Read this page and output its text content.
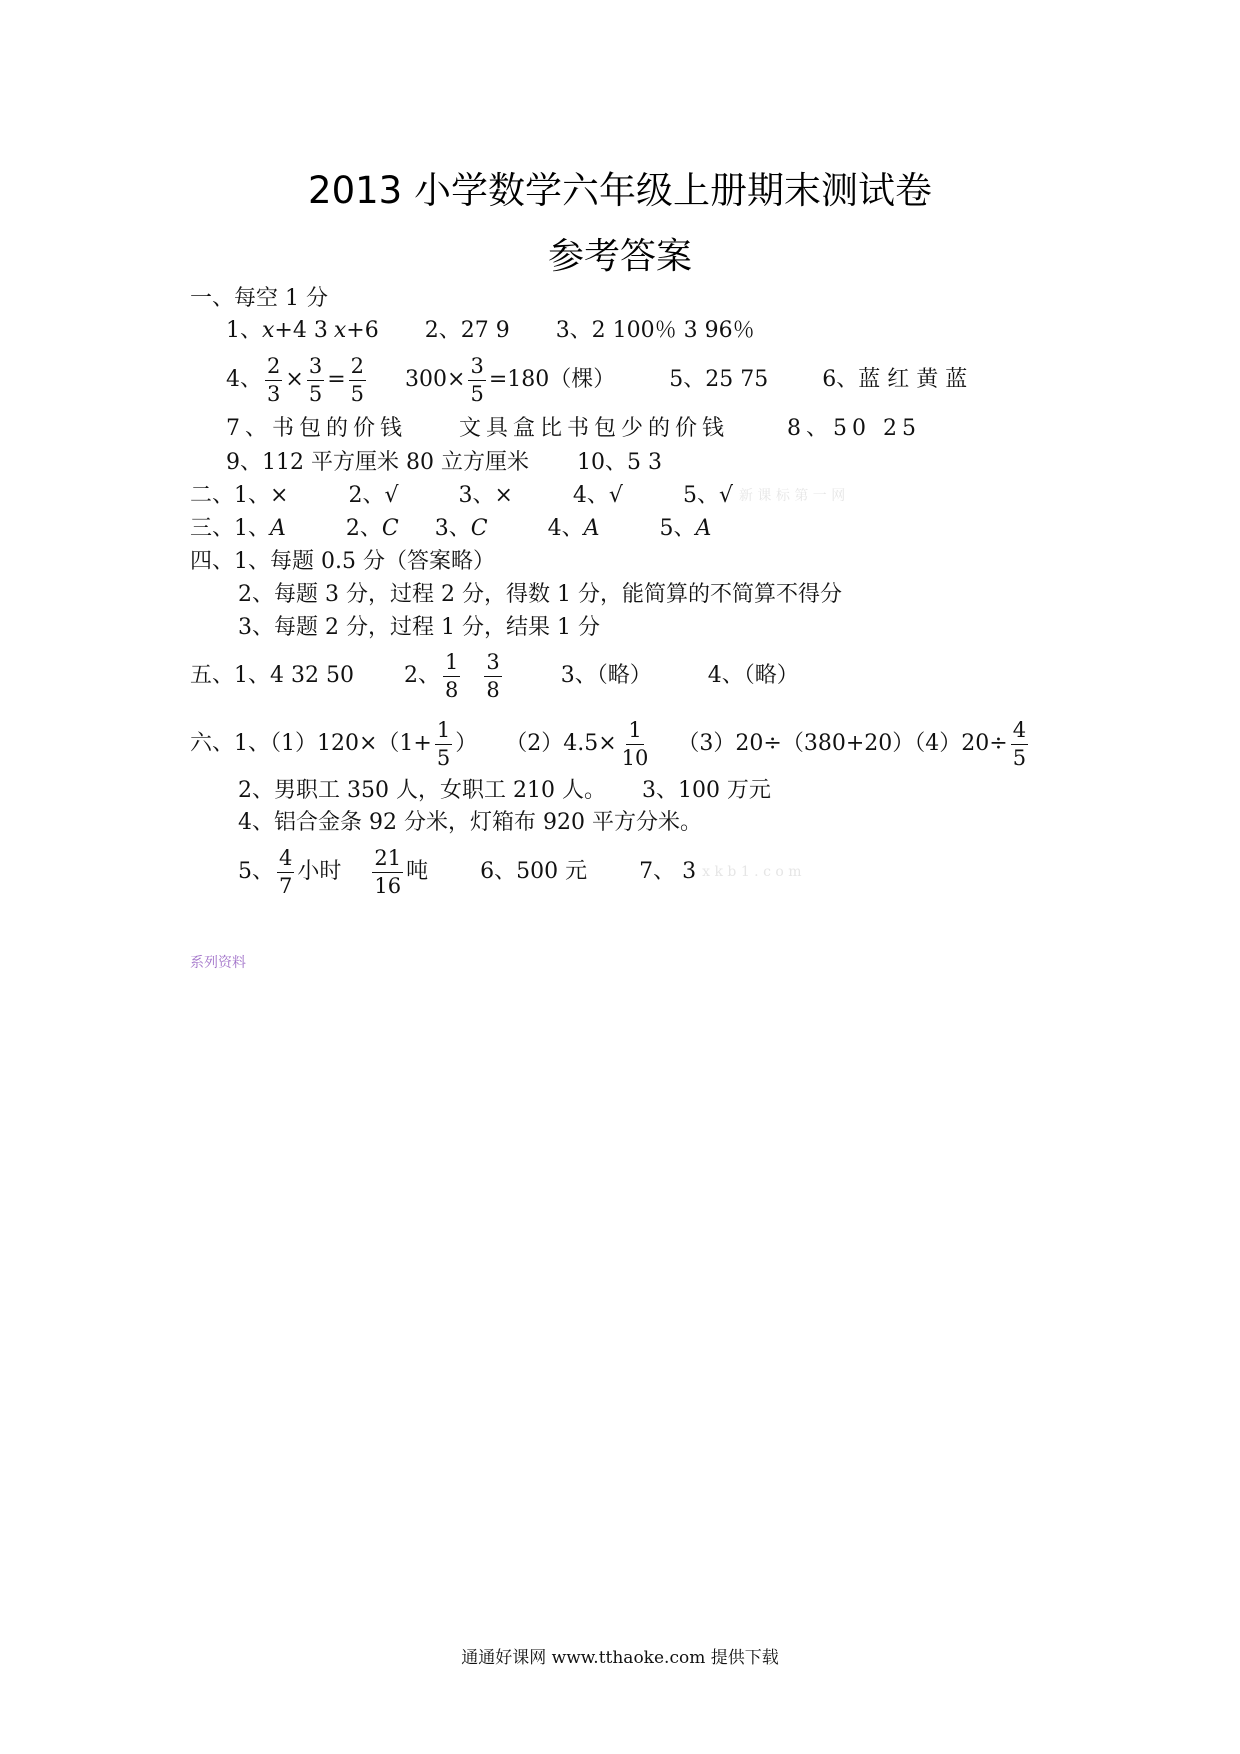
2013 小学数学六年级上册期末测试卷
参考答案
一、每空 1 分
1、 x +4 3 x +6 2、27 9 3、2 100％ 3 96％
4、 $\frac{2}{3} \times \frac{3}{5} = \frac{2}{5} 300\times \frac{3}{5} =180$（棵） 5、25 75 6、蓝 红 黄 蓝
7、书包的价钱 文具盒比书包少的价钱	8、50 25
9、112 平方厘米 80 立方厘米 10、5 3
二、 1、×	2、√	3、×	4、√	5、√ 新 课 标 第 一 网
三、 1、 A	2、 C 3、 C	4、 A	5、 A
四、1、每题 0.5 分（答案略）
2、每题 3 分，过程 2 分，得数 1 分，能简算的不简算不得分
3、每题 2 分，过程 1 分，结果 1 分
五、1、4 32 50 2、 $\frac{1}{8} \frac{3}{8}$	3、（略）	4、（略）
六、1、$(1)120\times(1+ \frac{1}{5}$ ） $(2)4.5\times \frac{1}{10} (3)20\div(380+20)(4)20\div \frac{4}{5}$
2、男职工 350 人，女职工 210 人。 3、100 万元
4、铝合金条 92 分米，灯箱布 920 平方分米。
5、 $\frac{4}{7}$ 小时 $\frac{21}{16}$ 吨 6、500 元 7、 3 x k b 1 . c o m
系列资料
通通好课网 www.tthaoke.com 提供下载
